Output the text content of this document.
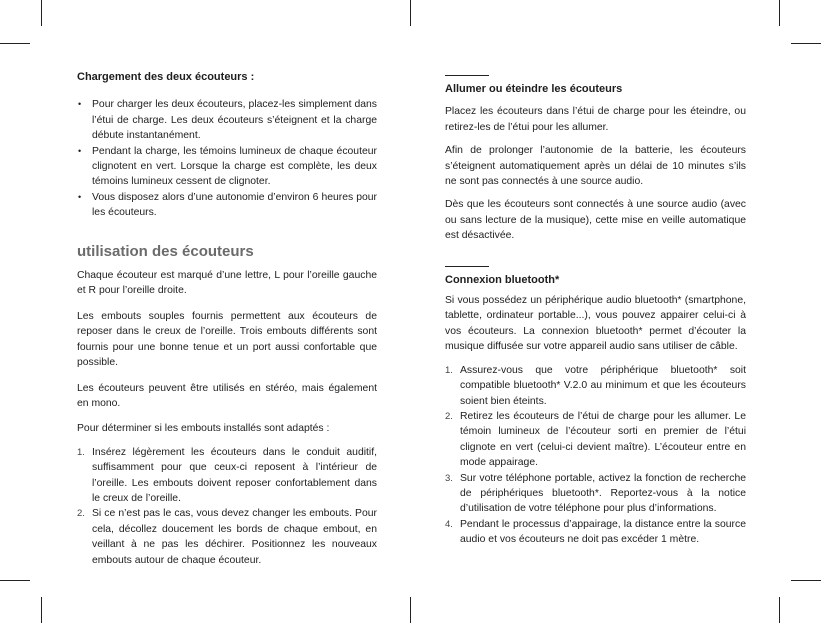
Chargement des deux écouteurs :
• Pour charger les deux écouteurs, placez-les simplement dans l’étui de charge. Les deux écouteurs s’éteignent et la charge débute instantanément.
• Pendant la charge, les témoins lumineux de chaque écouteur clignotent en vert. Lorsque la charge est complète, les deux témoins lumineux cessent de clignoter.
• Vous disposez alors d’une autonomie d’environ 6 heures pour les écouteurs.
utilisation des écouteurs

Chaque écouteur est marqué d’une lettre, L pour l’oreille gauche et R pour l’oreille droite.

Les embouts souples fournis permettent aux écouteurs de reposer dans le creux de l’oreille. Trois embouts différents sont fournis pour une bonne tenue et un port aussi confortable que possible.

Les écouteurs peuvent être utilisés en stéréo, mais également en mono.

Pour déterminer si les embouts installés sont adaptés :

1. Insérez légèrement les écouteurs dans le conduit auditif, suffisamment pour que ceux-ci reposent à l’intérieur de l’oreille. Les embouts doivent reposer confortablement dans le creux de l’oreille.
2. Si ce n’est pas le cas, vous devez changer les embouts. Pour cela, décollez doucement les bords de chaque embout, en veillant à ne pas les déchirer. Positionnez les nouveaux embouts autour de chaque écouteur.
Allumer ou éteindre les écouteurs

Placez les écouteurs dans l’étui de charge pour les éteindre, ou retirez-les de l’étui pour les allumer.

Afin de prolonger l’autonomie de la batterie, les écouteurs s’éteignent automatiquement après un délai de 10 minutes s’ils ne sont pas connectés à une source audio.

Dès que les écouteurs sont connectés à une source audio (avec ou sans lecture de la musique), cette mise en veille automatique est désactivée.

Connexion bluetooth*

Si vous possédez un périphérique audio bluetooth* (smartphone, tablette, ordinateur portable...), vous pouvez appairer celui-ci à vos écouteurs. La connexion bluetooth* permet d’écouter la musique diffusée sur votre appareil audio sans utiliser de câble.

1. Assurez-vous que votre périphérique bluetooth* soit compatible bluetooth* V.2.0 au minimum et que les écouteurs soient bien éteints.
2. Retirez les écouteurs de l’étui de charge pour les allumer. Le témoin lumineux de l’écouteur sorti en premier de l’étui clignote en vert (celui-ci devient maître). L’écouteur entre en mode appairage.
3. Sur votre téléphone portable, activez la fonction de recherche de périphériques bluetooth*. Reportez-vous à la notice d’utilisation de votre téléphone pour plus d’informations.
4. Pendant le processus d’appairage, la distance entre la source audio et vos écouteurs ne doit pas excéder 1 mètre.
